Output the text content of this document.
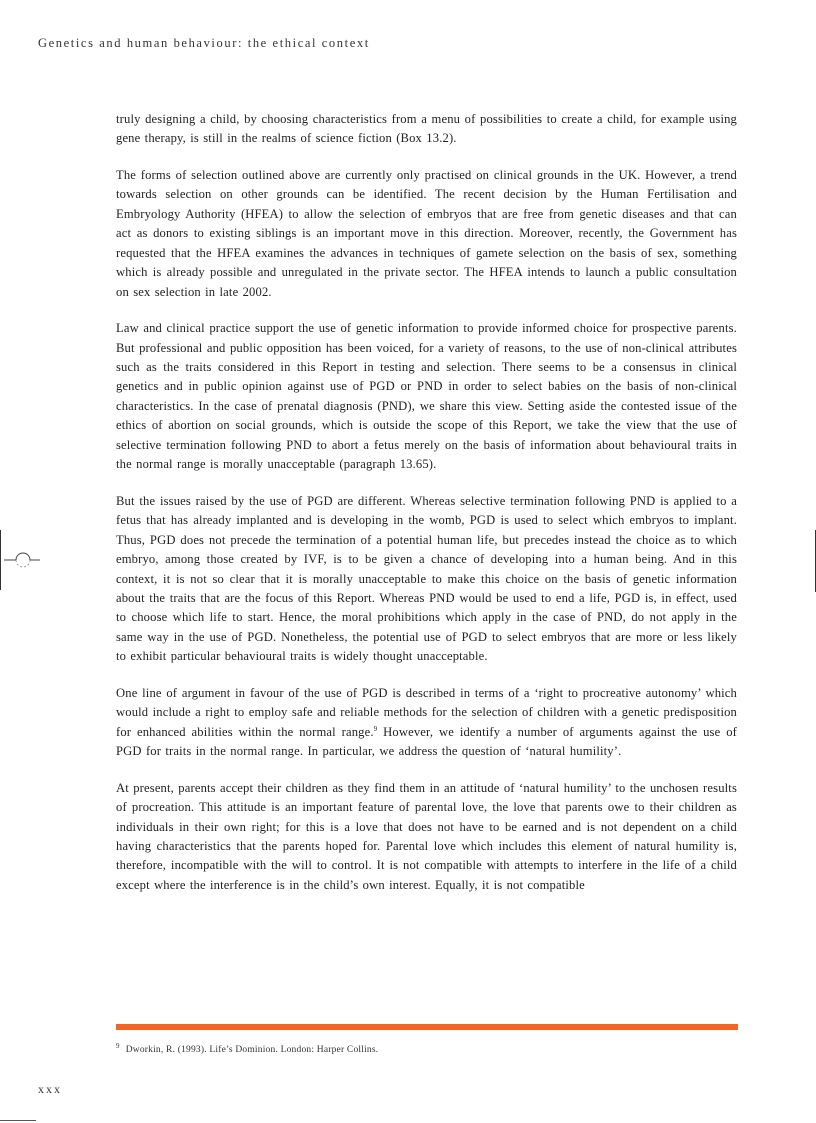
Genetics and human behaviour: the ethical context

truly designing a child, by choosing characteristics from a menu of possibilities to create a child, for example using gene therapy, is still in the realms of science fiction (Box 13.2).

The forms of selection outlined above are currently only practised on clinical grounds in the UK. However, a trend towards selection on other grounds can be identified. The recent decision by the Human Fertilisation and Embryology Authority (HFEA) to allow the selection of embryos that are free from genetic diseases and that can act as donors to existing siblings is an important move in this direction. Moreover, recently, the Government has requested that the HFEA examines the advances in techniques of gamete selection on the basis of sex, something which is already possible and unregulated in the private sector. The HFEA intends to launch a public consultation on sex selection in late 2002.

Law and clinical practice support the use of genetic information to provide informed choice for prospective parents. But professional and public opposition has been voiced, for a variety of reasons, to the use of non-clinical attributes such as the traits considered in this Report in testing and selection. There seems to be a consensus in clinical genetics and in public opinion against use of PGD or PND in order to select babies on the basis of non-clinical characteristics. In the case of prenatal diagnosis (PND), we share this view. Setting aside the contested issue of the ethics of abortion on social grounds, which is outside the scope of this Report, we take the view that the use of selective termination following PND to abort a fetus merely on the basis of information about behavioural traits in the normal range is morally unacceptable (paragraph 13.65).

But the issues raised by the use of PGD are different. Whereas selective termination following PND is applied to a fetus that has already implanted and is developing in the womb, PGD is used to select which embryos to implant. Thus, PGD does not precede the termination of a potential human life, but precedes instead the choice as to which embryo, among those created by IVF, is to be given a chance of developing into a human being. And in this context, it is not so clear that it is morally unacceptable to make this choice on the basis of genetic information about the traits that are the focus of this Report. Whereas PND would be used to end a life, PGD is, in effect, used to choose which life to start. Hence, the moral prohibitions which apply in the case of PND, do not apply in the same way in the use of PGD. Nonetheless, the potential use of PGD to select embryos that are more or less likely to exhibit particular behavioural traits is widely thought unacceptable.

One line of argument in favour of the use of PGD is described in terms of a ‘right to procreative autonomy’ which would include a right to employ safe and reliable methods for the selection of children with a genetic predisposition for enhanced abilities within the normal range.$^9$ However, we identify a number of arguments against the use of PGD for traits in the normal range. In particular, we address the question of ‘natural humility’.

At present, parents accept their children as they find them in an attitude of ‘natural humility’ to the unchosen results of procreation. This attitude is an important feature of parental love, the love that parents owe to their children as individuals in their own right; for this is a love that does not have to be earned and is not dependent on a child having characteristics that the parents hoped for. Parental love which includes this element of natural humility is, therefore, incompatible with the will to control. It is not compatible with attempts to interfere in the life of a child except where the interference is in the child’s own interest. Equally, it is not compatible

$^9$ Dworkin, R. (1993). Life’s Dominion. London: Harper Collins.
xxx
